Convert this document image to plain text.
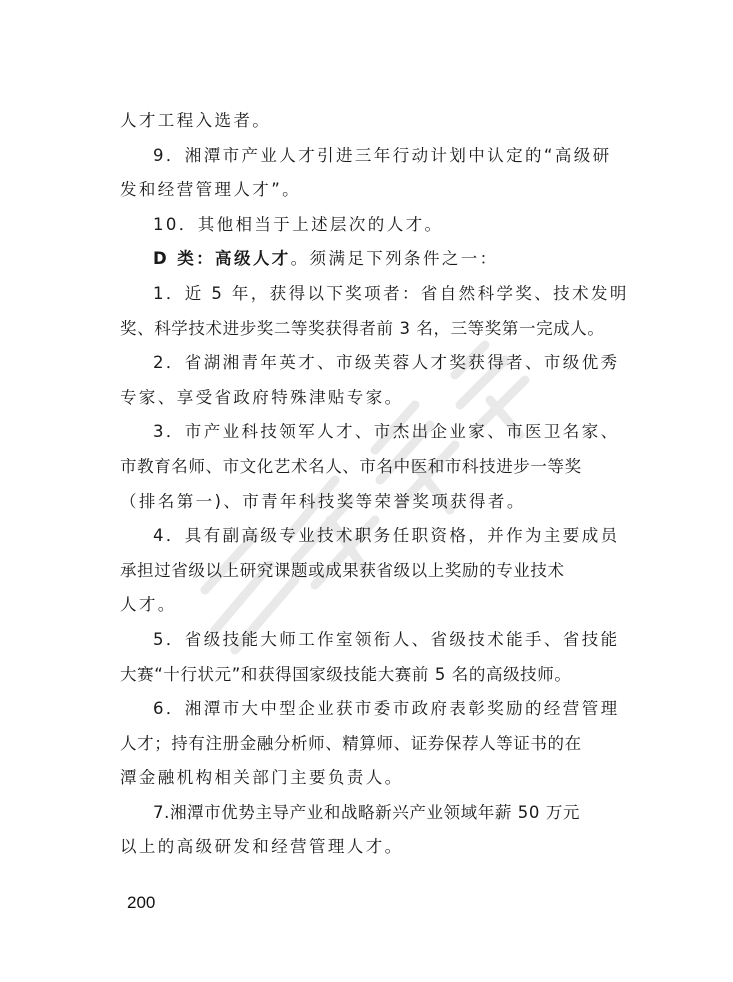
人才工程入选者。
9．湘潭市产业人才引进三年行动计划中认定的“高级研
发和经营管理人才”。
10．其他相当于上述层次的人才。
D 类：高级人才。须满足下列条件之一：
1．近 5 年，获得以下奖项者：省自然科学奖、技术发明
奖、科学技术进步奖二等奖获得者前 3 名，三等奖第一完成人。
2．省湖湘青年英才、市级芙蓉人才奖获得者、市级优秀
专家、享受省政府特殊津贴专家。
3．市产业科技领军人才、市杰出企业家、市医卫名家、
市教育名师、市文化艺术名人、市名中医和市科技进步一等奖
（排名第一)、市青年科技奖等荣誉奖项获得者。
4．具有副高级专业技术职务任职资格，并作为主要成员
承担过省级以上研究课题或成果获省级以上奖励的专业技术
人才。
5．省级技能大师工作室领衔人、省级技术能手、省技能
大赛“十行状元”和获得国家级技能大赛前 5 名的高级技师。
6．湘潭市大中型企业获市委市政府表彰奖励的经营管理
人才；持有注册金融分析师、精算师、证券保荐人等证书的在
潭金融机构相关部门主要负责人。
7.湘潭市优势主导产业和战略新兴产业领域年薪 50 万元
以上的高级研发和经营管理人才。
200
